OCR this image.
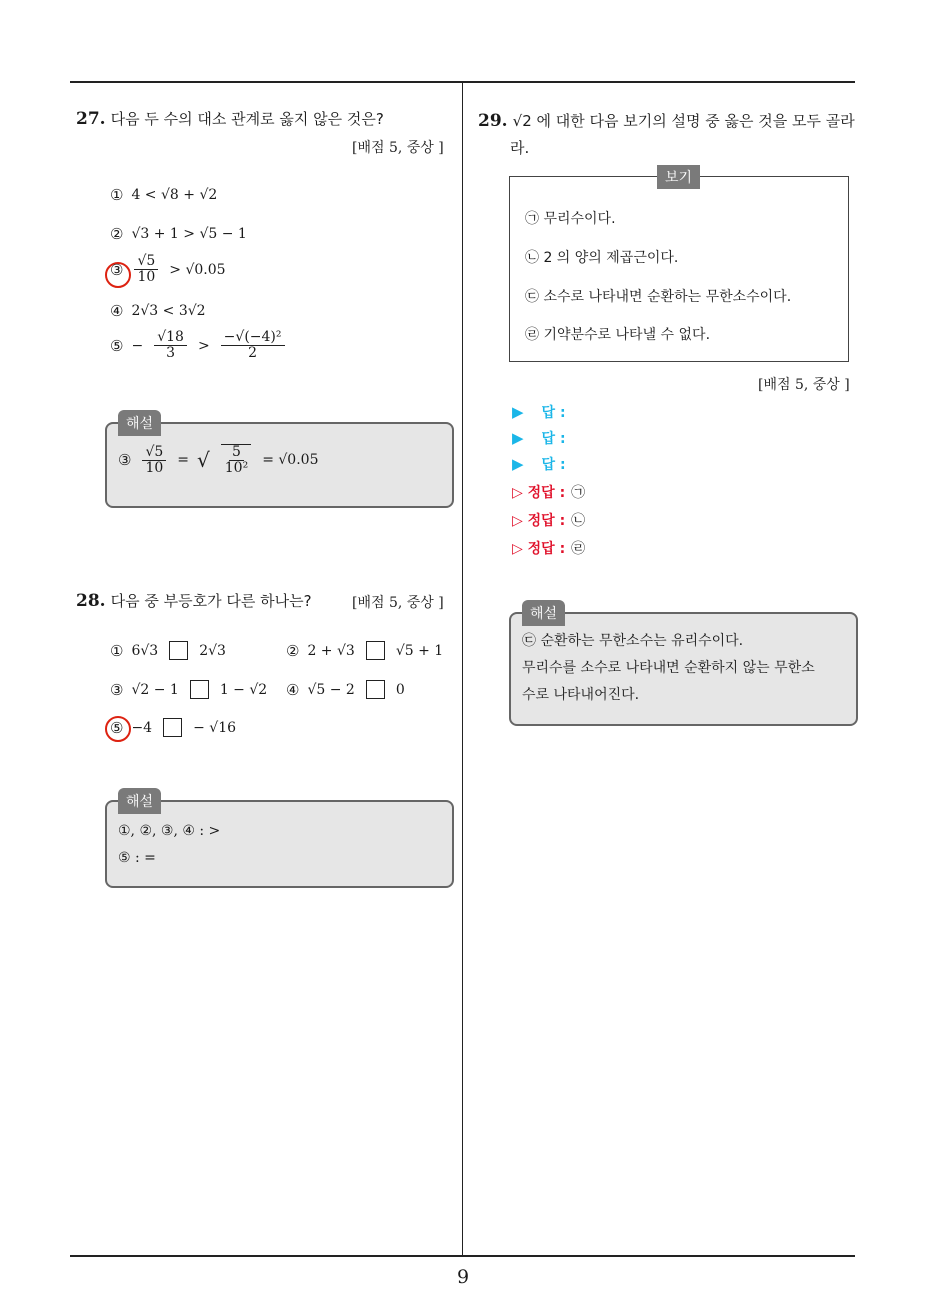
27. 다음 두 수의 대소 관계로 옳지 않은 것은?
[배점 5, 중상 ]
① 4 < √8 + √2
② √3 + 1 > √5 − 1
③ $\frac{√5}{10} > √0.05$
④ 2√3 < 3√2
⑤ − $\frac{√18}{3} > \frac{\text{−√(−4)²}}{2}$
해설
③ $\frac{√5}{10}$ = √ $\frac{5}{\text{10²}} = √0.05$
28. 다음 중 부등호가 다른 하나는?	[배점 5, 중상 ]
① 6√3	2√3	② 2 + √3	√5 + 1
③ √2 − 1	1 − √2 ④ √5 − 2	0
⑤ −4	− √16
해설
①, ②, ③, ④ : >
⑤ : =
29. √2 에 대한 다음 보기의 설명 중 옳은 것을 모두 골라
라.
보기
㉠ 무리수이다.
㉡ 2 의 양의 제곱근이다.
㉢ 소수로 나타내면 순환하는 무한소수이다.
㉣ 기약분수로 나타낼 수 없다.
[배점 5, 중상 ]
▶ 답 :
▶ 답 :
▶ 답 :
▷ 정답 : ㉠
▷ 정답 : ㉡
▷ 정답 : ㉣
해설
㉢ 순환하는 무한소수는 유리수이다.
무리수를 소수로 나타내면 순환하지 않는 무한소
수로 나타내어진다.
9
